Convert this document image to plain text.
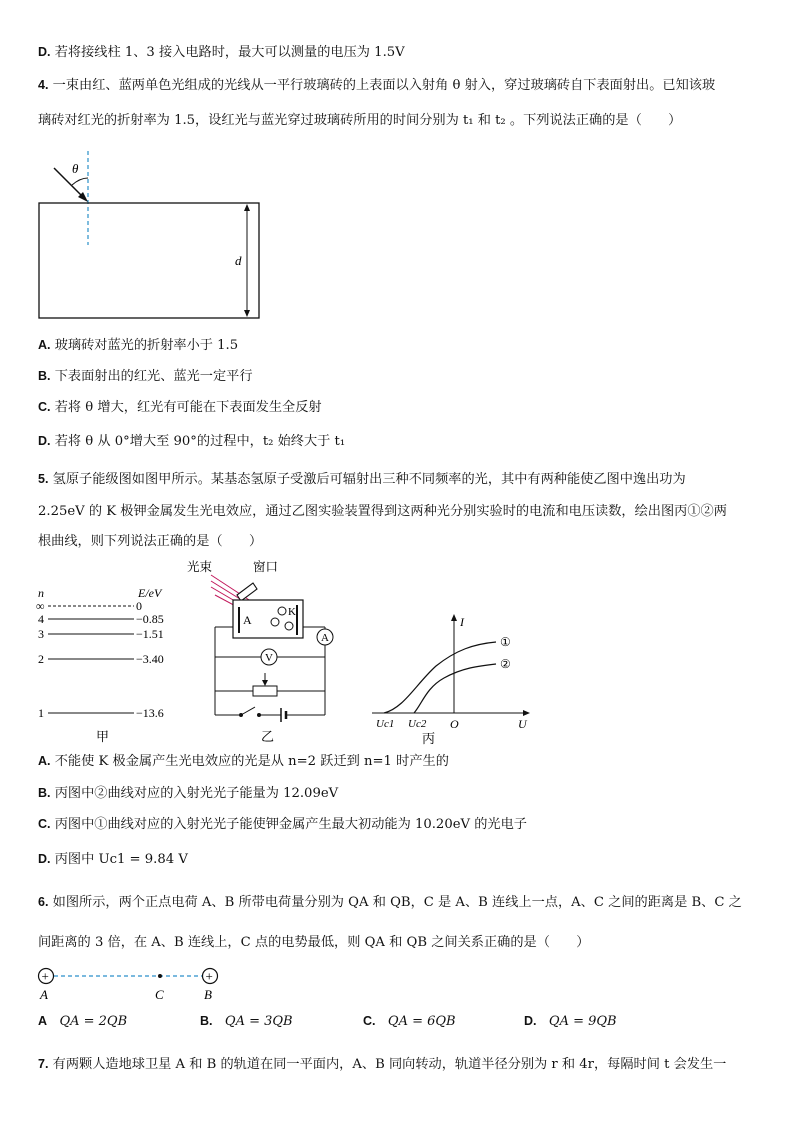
D. 若将接线柱 1、3 接入电路时，最大可以测量的电压为 1.5V
4. 一束由红、蓝两单色光组成的光线从一平行玻璃砖的上表面以入射角 θ 射入，穿过玻璃砖自下表面射出。已知该玻
璃砖对红光的折射率为 1.5，设红光与蓝光穿过玻璃砖所用的时间分别为 t₁ 和 t₂ 。下列说法正确的是（　　）
θ
d
A. 玻璃砖对蓝光的折射率小于 1.5
B. 下表面射出的红光、蓝光一定平行
C. 若将 θ 增大，红光有可能在下表面发生全反射
D. 若将 θ 从 0°增大至 90°的过程中，t₂ 始终大于 t₁
5. 氢原子能级图如图甲所示。某基态氢原子受激后可辐射出三种不同频率的光，其中有两种能使乙图中逸出功为
2.25eV 的 K 极钾金属发生光电效应，通过乙图实验装置得到这两种光分别实验时的电流和电压读数，绘出图丙①②两
根曲线，则下列说法正确的是（　　）
n	E/eV
∞	0
4	−0.85
3	−1.51
2	−3.40
1	−13.6
甲
光束	窗口
A
K
A
V
乙
U
I
O
①
②
Uc1 Uc2
丙
A. 不能使 K 极金属产生光电效应的光是从 n=2 跃迁到 n=1 时产生的
B. 丙图中②曲线对应的入射光光子能量为 12.09eV
C. 丙图中①曲线对应的入射光光子能使钾金属产生最大初动能为 10.20eV 的光电子
D. 丙图中 Uc1 = 9.84 V
6. 如图所示，两个正点电荷 A、B 所带电荷量分别为 QA 和 QB，C 是 A、B 连线上一点，A、C 之间的距离是 B、C 之
间距离的 3 倍，在 A、B 连线上，C 点的电势最低，则 QA 和 QB 之间关系正确的是（　　）
+	+
A	C	B
A QA = 2QB	B. QA = 3QB	C. QA = 6QB	D. QA = 9QB
7. 有两颗人造地球卫星 A 和 B 的轨道在同一平面内，A、B 同向转动，轨道半径分别为 r 和 4r，每隔时间 t 会发生一
